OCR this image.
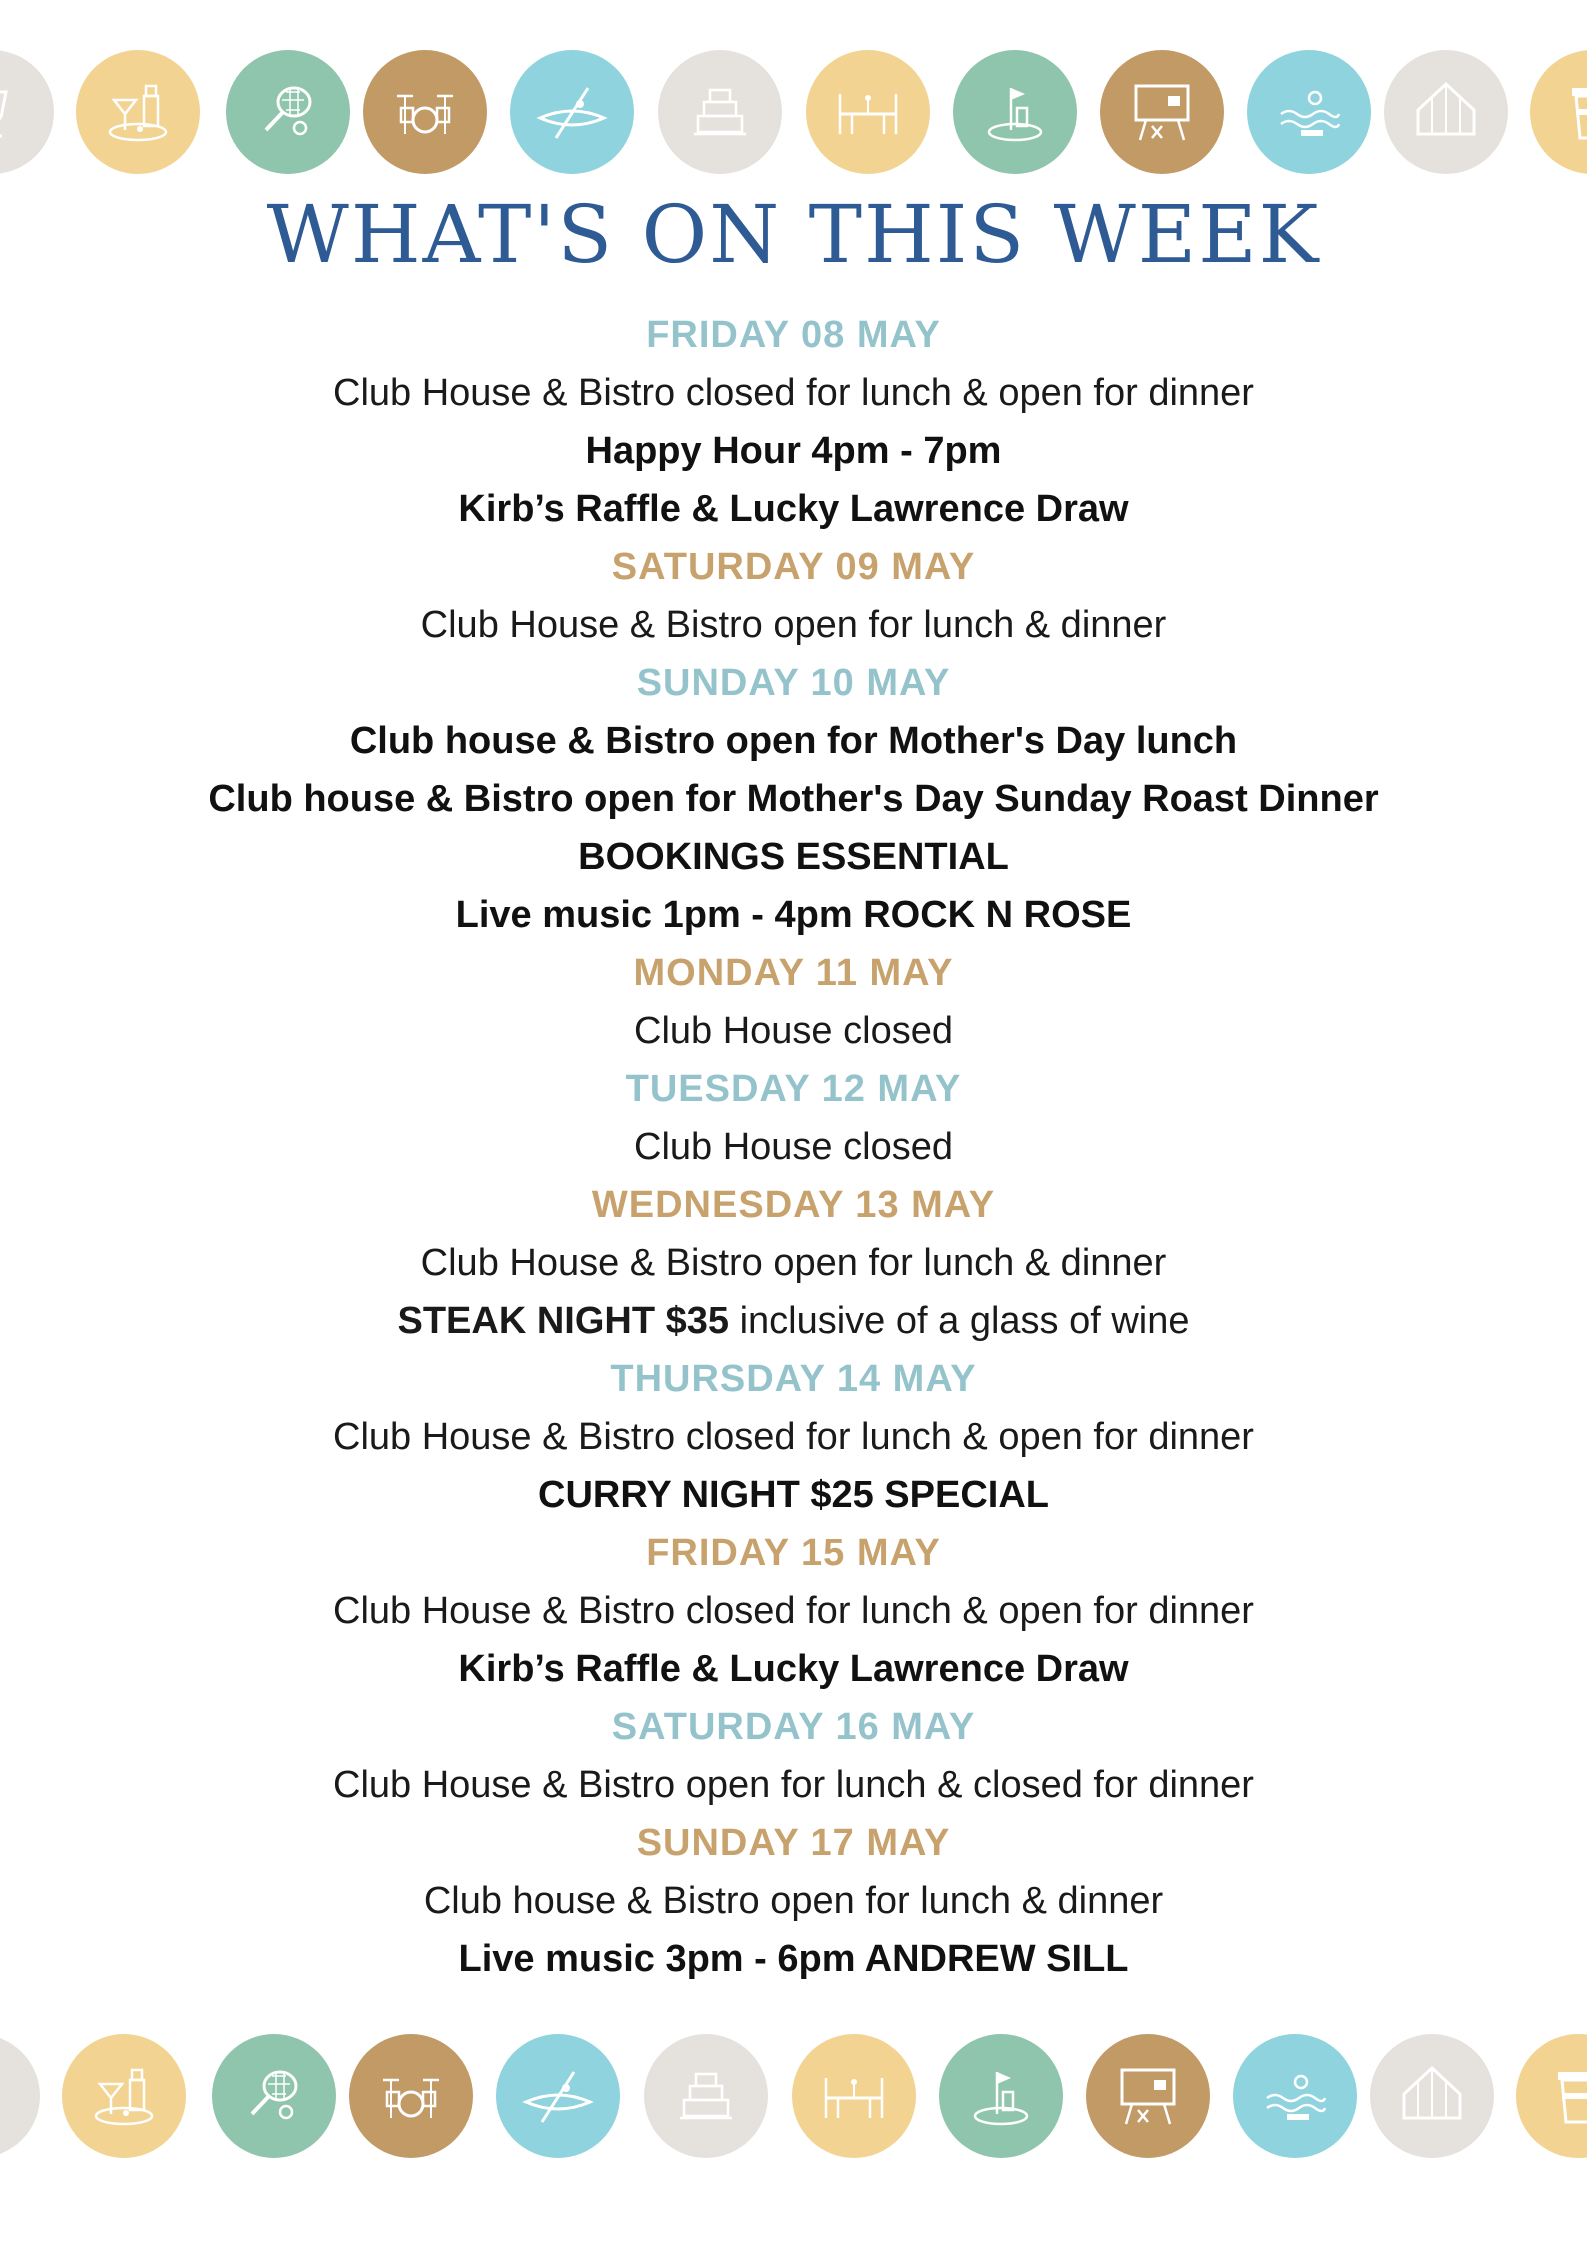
WHAT'S ON THIS WEEK
FRIDAY 08 MAY
Club House & Bistro closed for lunch & open for dinner
Happy Hour 4pm - 7pm
Kirb’s Raffle & Lucky Lawrence Draw
SATURDAY 09 MAY
Club House & Bistro open for lunch & dinner
SUNDAY 10 MAY
Club house & Bistro open for Mother's Day lunch
Club house & Bistro open for Mother's Day Sunday Roast Dinner
BOOKINGS ESSENTIAL
Live music 1pm - 4pm ROCK N ROSE
MONDAY 11 MAY
Club House closed
TUESDAY 12 MAY
Club House closed
WEDNESDAY 13 MAY
Club House & Bistro open for lunch & dinner
STEAK NIGHT $35 inclusive of a glass of wine
THURSDAY 14 MAY
Club House & Bistro closed for lunch & open for dinner
CURRY NIGHT $25 SPECIAL
FRIDAY 15 MAY
Club House & Bistro closed for lunch & open for dinner
Kirb’s Raffle & Lucky Lawrence Draw
SATURDAY 16 MAY
Club House & Bistro open for lunch & closed for dinner
SUNDAY 17 MAY
Club house & Bistro open for lunch & dinner
Live music 3pm - 6pm ANDREW SILL
